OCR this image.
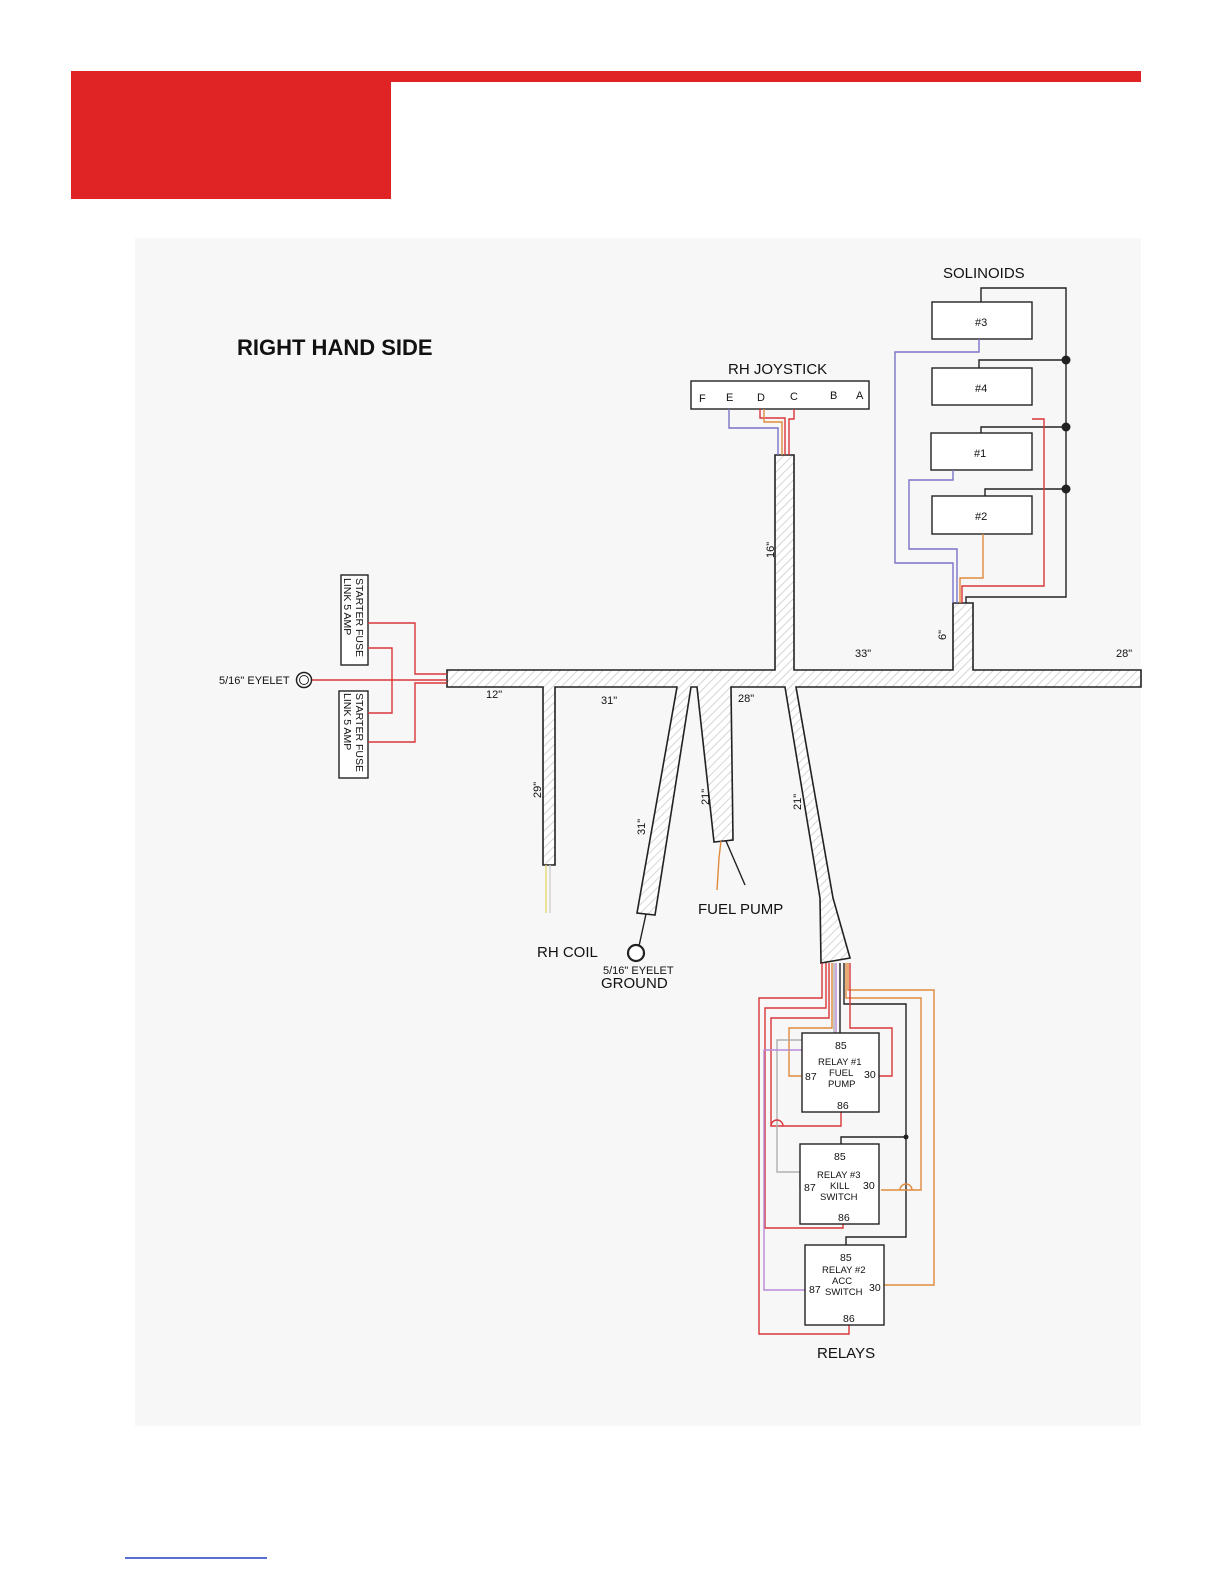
RIGHT HAND SIDE
RH JOYSTICK
F E D C	B A
16"
SOLINOIDS
#3
#4
#1
#2
6"
33"	28"
STARTER FUSE
LINK 5 AMP
STARTER FUSE
LINK 5 AMP
5/16" EYELET
12"	31"	28"
29"
31"
21"	21"
RH COIL
5/16" EYELET
GROUND
FUEL PUMP
85
RELAY #1
FUEL
PUMP
87	30
86
85
RELAY #3
KILL
SWITCH
87	30
86
85
RELAY #2
ACC
SWITCH
87	30
86
RELAYS
